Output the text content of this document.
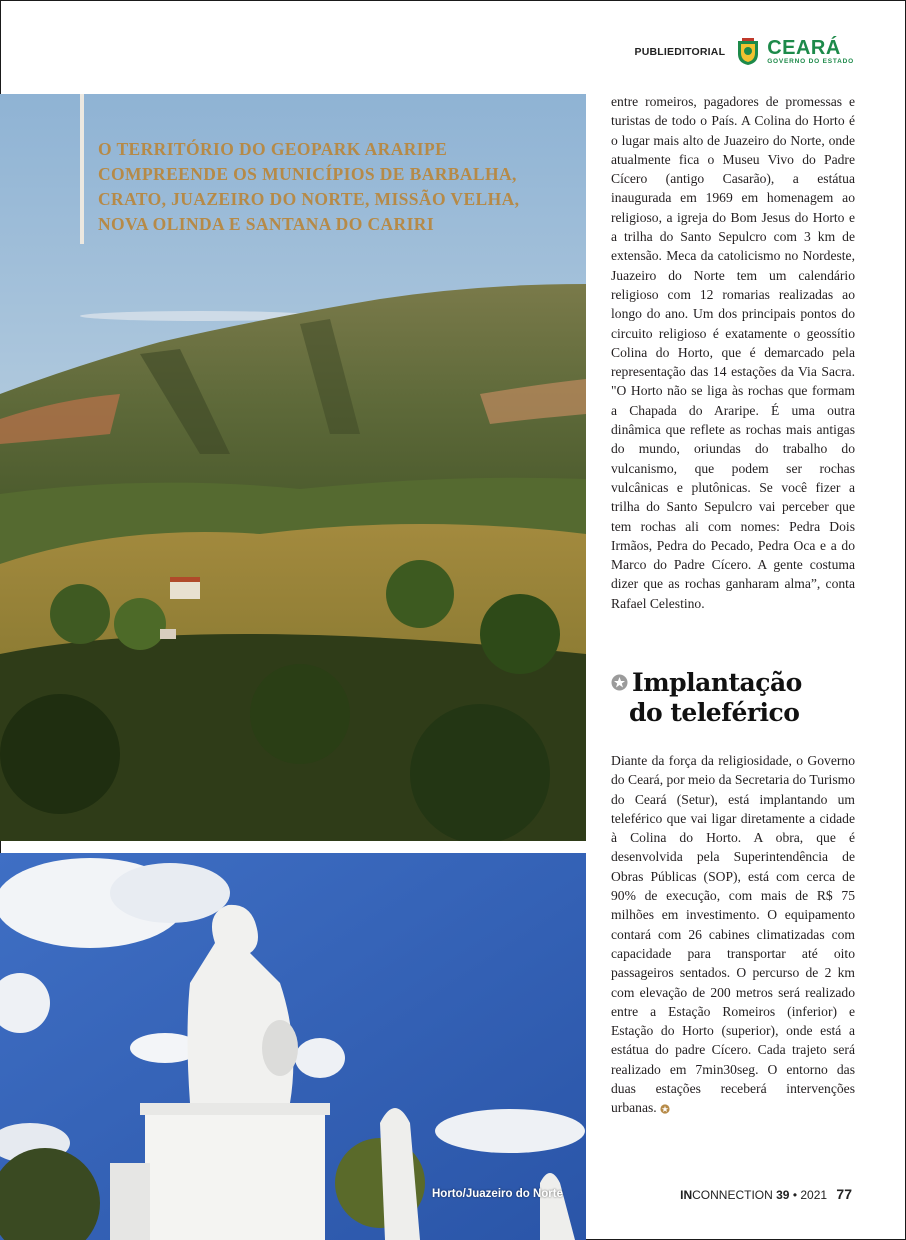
PUBLIEDITORIAL CEARÁ
GOVERNO DO ESTADO

O TERRITÓRIO DO GEOPARK ARARIPE COMPREENDE OS MUNICÍPIOS DE BARBALHA, CRATO, JUAZEIRO DO NORTE, MISSÃO VELHA, NOVA OLINDA E SANTANA DO CARIRI

Horto/Juazeiro do Norte

entre romeiros, pagadores de promessas e turistas de todo o País. A Colina do Horto é o lugar mais alto de Juazeiro do Norte, onde atualmente fica o Museu Vivo do Padre Cícero (antigo Casarão), a estátua inaugurada em 1969 em homenagem ao religioso, a igreja do Bom Jesus do Horto e a trilha do Santo Sepulcro com 3 km de extensão. Meca da catolicismo no Nordeste, Juazeiro do Norte tem um calendário religioso com 12 romarias realizadas ao longo do ano. Um dos principais pontos do circuito religioso é exatamente o geossítio Colina do Horto, que é demarcado pela representação das 14 estações da Via Sacra. "O Horto não se liga às rochas que formam a Chapada do Araripe. É uma outra dinâmica que reflete as rochas mais antigas do mundo, oriundas do trabalho do vulcanismo, que podem ser rochas vulcânicas e plutônicas. Se você fizer a trilha do Santo Sepulcro vai perceber que tem rochas ali com nomes: Pedra Dois Irmãos, Pedra do Pecado, Pedra Oca e a do Marco do Padre Cícero. A gente costuma dizer que as rochas ganharam alma”, conta Rafael Celestino.

Implantação
do teleférico

Diante da força da religiosidade, o Governo do Ceará, por meio da Secretaria do Turismo do Ceará (Setur), está implantando um teleférico que vai ligar diretamente a cidade à Colina do Horto. A obra, que é desenvolvida pela Superintendência de Obras Públicas (SOP), está com cerca de 90% de execução, com mais de R$ 75 milhões em investimento. O equipamento contará com 26 cabines climatizadas com capacidade para transportar até oito passageiros sentados. O percurso de 2 km com elevação de 200 metros será realizado entre a Estação Romeiros (inferior) e Estação do Horto (superior), onde está a estátua do padre Cícero. Cada trajeto será realizado em 7min30seg. O entorno das duas estações receberá intervenções urbanas.

INCONNECTION 39 • 2021 77
